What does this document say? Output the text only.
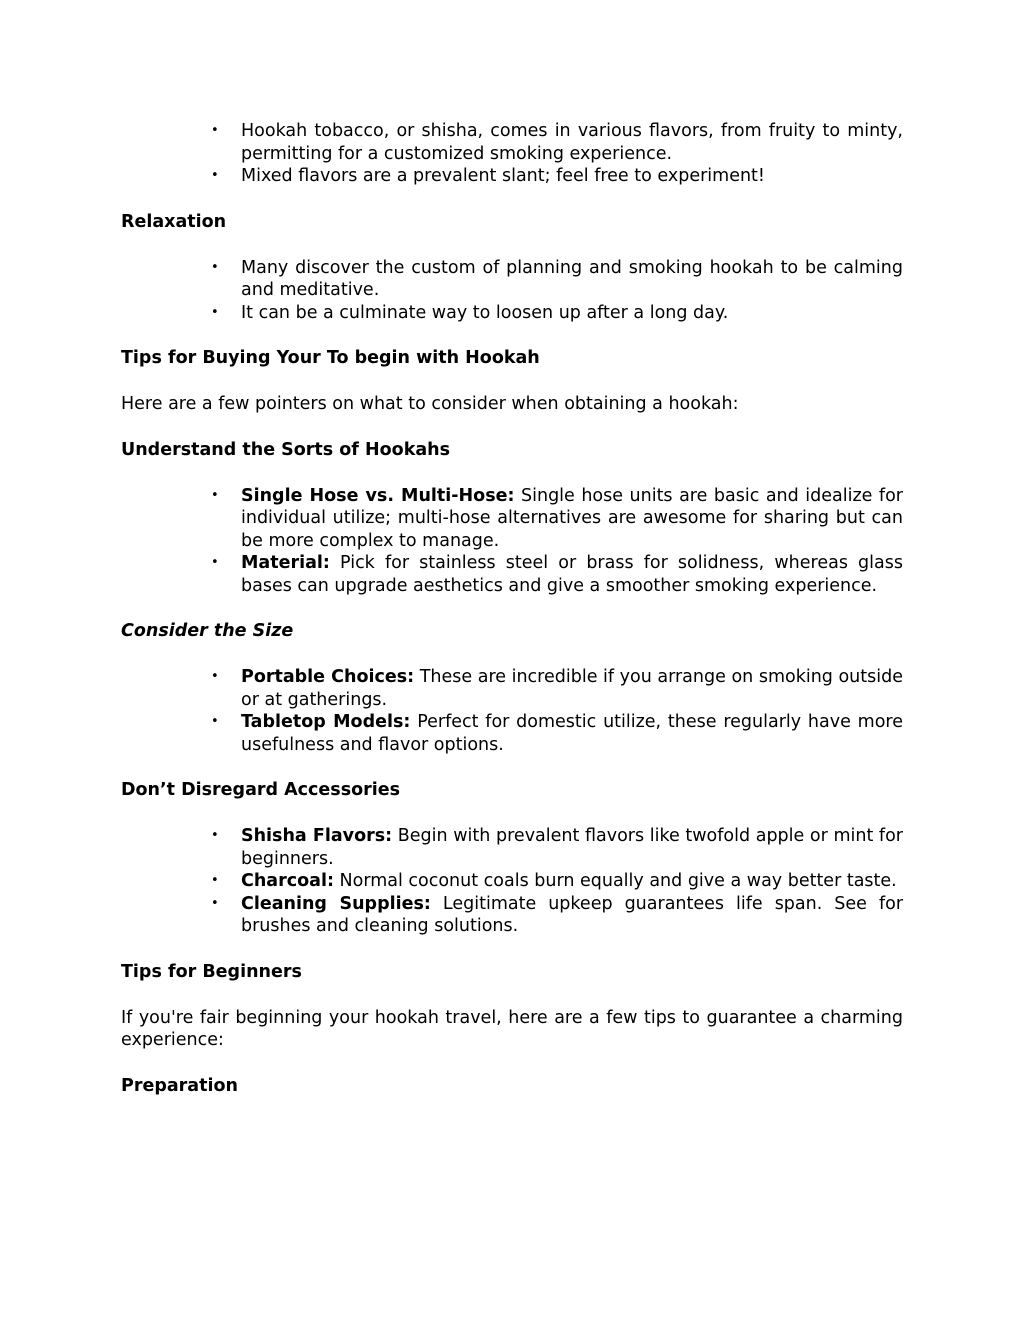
• Hookah tobacco, or shisha, comes in various flavors, from fruity to minty, permitting for a customized smoking experience.
• Mixed flavors are a prevalent slant; feel free to experiment!
Relaxation
• Many discover the custom of planning and smoking hookah to be calming and meditative.
• It can be a culminate way to loosen up after a long day.
Tips for Buying Your To begin with Hookah
Here are a few pointers on what to consider when obtaining a hookah:
Understand the Sorts of Hookahs
• Single Hose vs. Multi-Hose: Single hose units are basic and idealize for individual utilize; multi-hose alternatives are awesome for sharing but can be more complex to manage.
• Material: Pick for stainless steel or brass for solidness, whereas glass bases can upgrade aesthetics and give a smoother smoking experience.
Consider the Size
• Portable Choices: These are incredible if you arrange on smoking outside or at gatherings.
• Tabletop Models: Perfect for domestic utilize, these regularly have more usefulness and flavor options.
Don’t Disregard Accessories
• Shisha Flavors: Begin with prevalent flavors like twofold apple or mint for beginners.
• Charcoal: Normal coconut coals burn equally and give a way better taste.
• Cleaning Supplies: Legitimate upkeep guarantees life span. See for brushes and cleaning solutions.
Tips for Beginners
If you're fair beginning your hookah travel, here are a few tips to guarantee a charming experience:
Preparation
